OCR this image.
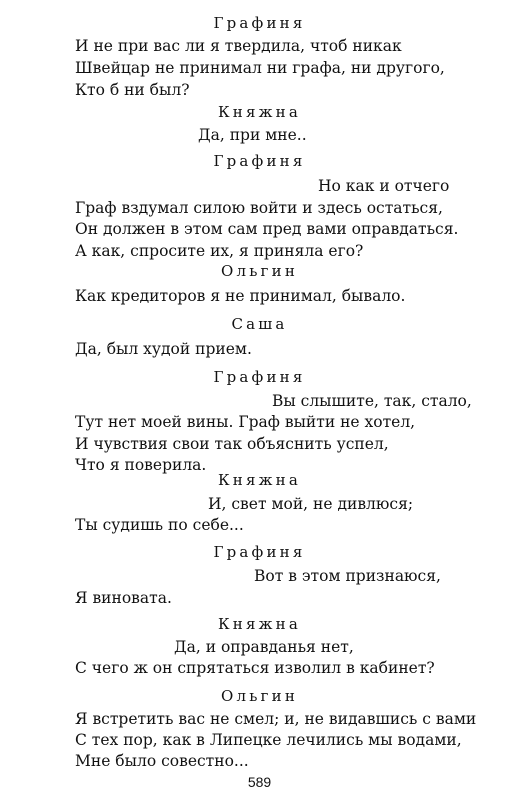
Графиня
И не при вас ли я твердила, чтоб никак
Швейцар не принимал ни графа, ни другого,
Кто б ни был?
Княжна
Да, при мне..
Графиня
Но как и отчего
Граф вздумал силою войти и здесь остаться,
Он должен в этом сам пред вами оправдаться.
А как, спросите их, я приняла его?
Ольгин
Как кредиторов я не принимал, бывало.
Саша
Да, был худой прием.
Графиня
Вы слышите, так, стало,
Тут нет моей вины. Граф выйти не хотел,
И чувствия свои так объяснить успел,
Что я поверила.
Княжна
И, свет мой, не дивлюся;
Ты судишь по себе...
Графиня
Вот в этом признаюся,
Я виновата.
Княжна
Да, и оправданья нет,
С чего ж он спрятаться изволил в кабинет?
Ольгин
Я встретить вас не смел; и, не видавшись с вами
С тех пор, как в Липецке лечились мы водами,
Мне было совестно...
589
